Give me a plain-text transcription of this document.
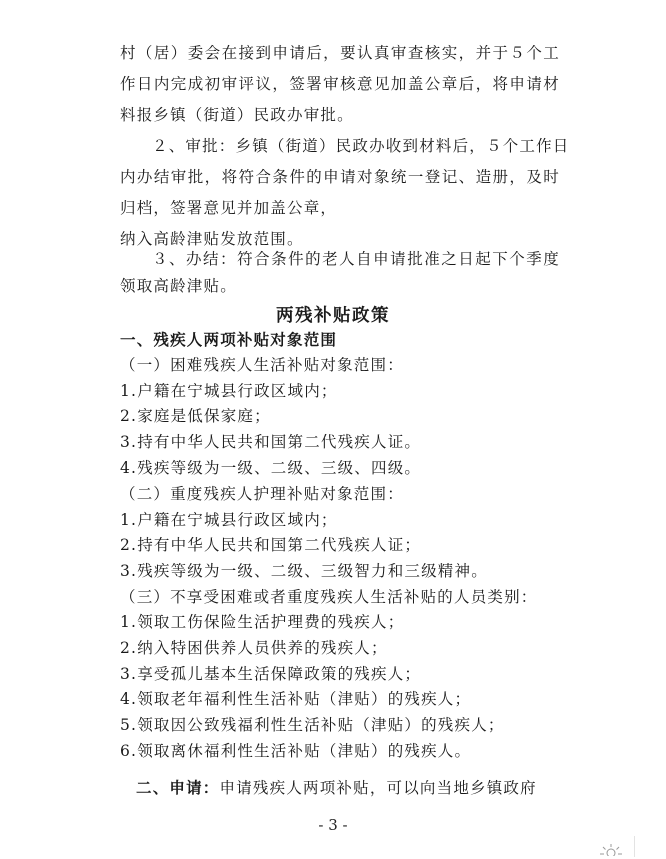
村（居）委会在接到申请后，要认真审查核实，并于５个工
作日内完成初审评议，签署审核意见加盖公章后，将申请材
料报乡镇（街道）民政办审批。
２、审批：乡镇（街道）民政办收到材料后，５个工作日
内办结审批，将符合条件的申请对象统一登记、造册，及时
归档，签署意见并加盖公章，
纳入高龄津贴发放范围。
３、办结：符合条件的老人自申请批准之日起下个季度
领取高龄津贴。
两残补贴政策
一、残疾人两项补贴对象范围
（一）困难残疾人生活补贴对象范围：
1.户籍在宁城县行政区域内；
2.家庭是低保家庭；
3.持有中华人民共和国第二代残疾人证。
4.残疾等级为一级、二级、三级、四级。
（二）重度残疾人护理补贴对象范围：
1.户籍在宁城县行政区域内；
2.持有中华人民共和国第二代残疾人证；
3.残疾等级为一级、二级、三级智力和三级精神。
（三）不享受困难或者重度残疾人生活补贴的人员类别：
1.领取工伤保险生活护理费的残疾人；
2.纳入特困供养人员供养的残疾人；
3.享受孤儿基本生活保障政策的残疾人；
4.领取老年福利性生活补贴（津贴）的残疾人；
5.领取因公致残福利性生活补贴（津贴）的残疾人；
6.领取离休福利性生活补贴（津贴）的残疾人。
二、申请：申请残疾人两项补贴，可以向当地乡镇政府
- 3 -
